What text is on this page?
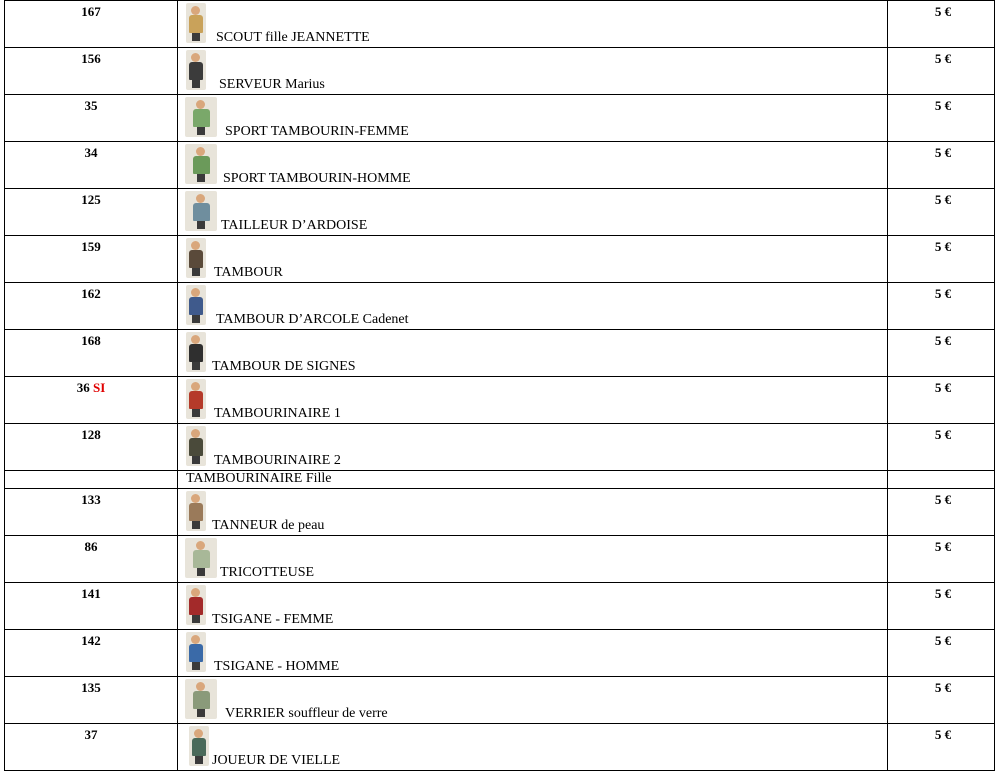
167	SCOUT fille JEANNETTE	5 €

156	SERVEUR Marius	5 €

35	SPORT TAMBOURIN-FEMME	5 €

34	SPORT TAMBOURIN-HOMME	5 €

125	TAILLEUR D’ARDOISE	5 €

159	TAMBOUR	5 €

162	TAMBOUR D’ARCOLE Cadenet	5 €

168	TAMBOUR DE SIGNES	5 €

36 SI	TAMBOURINAIRE 1	5 €

128	TAMBOURINAIRE 2	5 €

	TAMBOURINAIRE Fille	

133	TANNEUR de peau	5 €

86	TRICOTTEUSE	5 €

141	TSIGANE - FEMME	5 €

142	TSIGANE - HOMME	5 €

135	VERRIER souffleur de verre	5 €

37	JOUEUR DE VIELLE	5 €
